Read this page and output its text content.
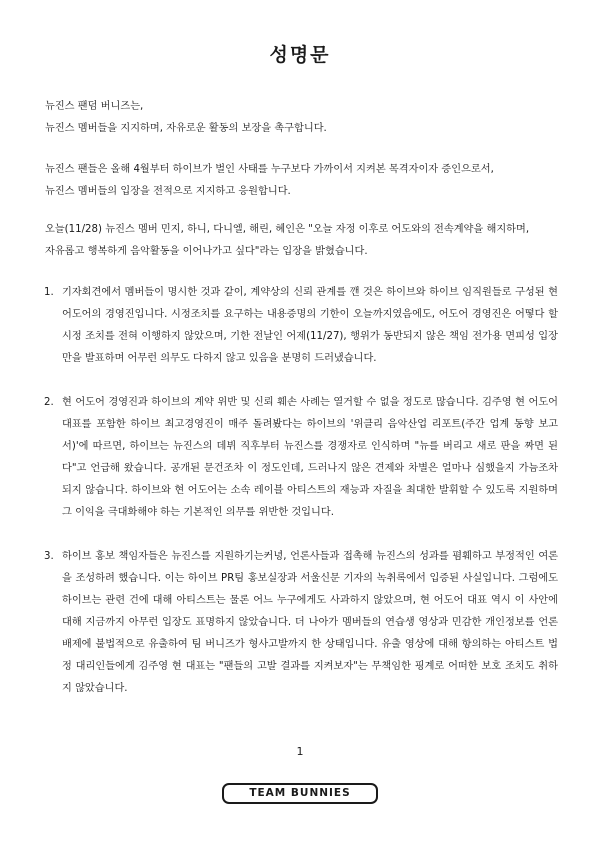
성명문

뉴진스 팬덤 버니즈는,

뉴진스 멤버들을 지지하며, 자유로운 활동의 보장을 촉구합니다.

뉴진스 팬들은 올해 4월부터 하이브가 벌인 사태를 누구보다 가까이서 지켜본 목격자이자 증인으로서,

뉴진스 멤버들의 입장을 전적으로 지지하고 응원합니다.

오늘(11/28) 뉴진스 멤버 민지, 하니, 다니엘, 해린, 혜인은 "오늘 자정 이후로 어도와의 전속계약을 해지하며,

자유롭고 행복하게 음악활동을 이어나가고 싶다"라는 입장을 밝혔습니다.

1. 기자회견에서 멤버들이 명시한 것과 같이, 계약상의 신뢰 관계를 깬 것은 하이브와 하이브 임직원들로 구성된 현 어도어의 경영진입니다. 시정조치를 요구하는 내용증명의 기한이 오늘까지였음에도, 어도어 경영진은 어떻다 할 시정 조치를 전혀 이행하지 않았으며, 기한 전날인 어제(11/27), 행위가 동반되지 않은 책임 전가용 면피성 입장만을 발표하며 어무런 의무도 다하지 않고 있음을 분명히 드러냈습니다.
2. 현 어도어 경영진과 하이브의 계약 위반 및 신뢰 훼손 사례는 열거할 수 없을 정도로 많습니다. 김주영 현 어도어 대표를 포함한 하이브 최고경영진이 매주 돌려봤다는 하이브의 '위클리 음악산업 리포트(주간 업계 동향 보고서)'에 따르면, 하이브는 뉴진스의 데뷔 직후부터 뉴진스를 경쟁자로 인식하며 "뉴를 버리고 새로 판을 짜면 된다"고 언급해 왔습니다. 공개된 문건조차 이 정도인데, 드러나지 않은 견제와 차별은 얼마나 심했을지 가늠조차 되지 않습니다. 하이브와 현 어도어는 소속 레이블 아티스트의 재능과 자질을 최대한 발휘할 수 있도록 지원하며 그 이익을 극대화해야 하는 기본적인 의무를 위반한 것입니다.
3. 하이브 홍보 책임자들은 뉴진스를 지원하기는커녕, 언론사들과 접촉해 뉴진스의 성과를 폄훼하고 부정적인 여론을 조성하려 했습니다. 이는 하이브 PR팀 홍보실장과 서울신문 기자의 녹취록에서 입증된 사실입니다. 그럼에도 하이브는 관련 건에 대해 아티스트는 물론 어느 누구에게도 사과하지 않았으며, 현 어도어 대표 역시 이 사안에 대해 지금까지 아무런 입장도 표명하지 않았습니다. 더 나아가 멤버들의 연습생 영상과 민감한 개인정보를 언론 배제에 불법적으로 유출하여 팀 버니즈가 형사고발까지 한 상태입니다. 유출 영상에 대해 항의하는 아티스트 법정 대리인들에게 김주영 현 대표는 "팬들의 고발 결과를 지켜보자"는 무책임한 핑계로 어떠한 보호 조치도 취하지 않았습니다.
1
TEAM BUNNIES
